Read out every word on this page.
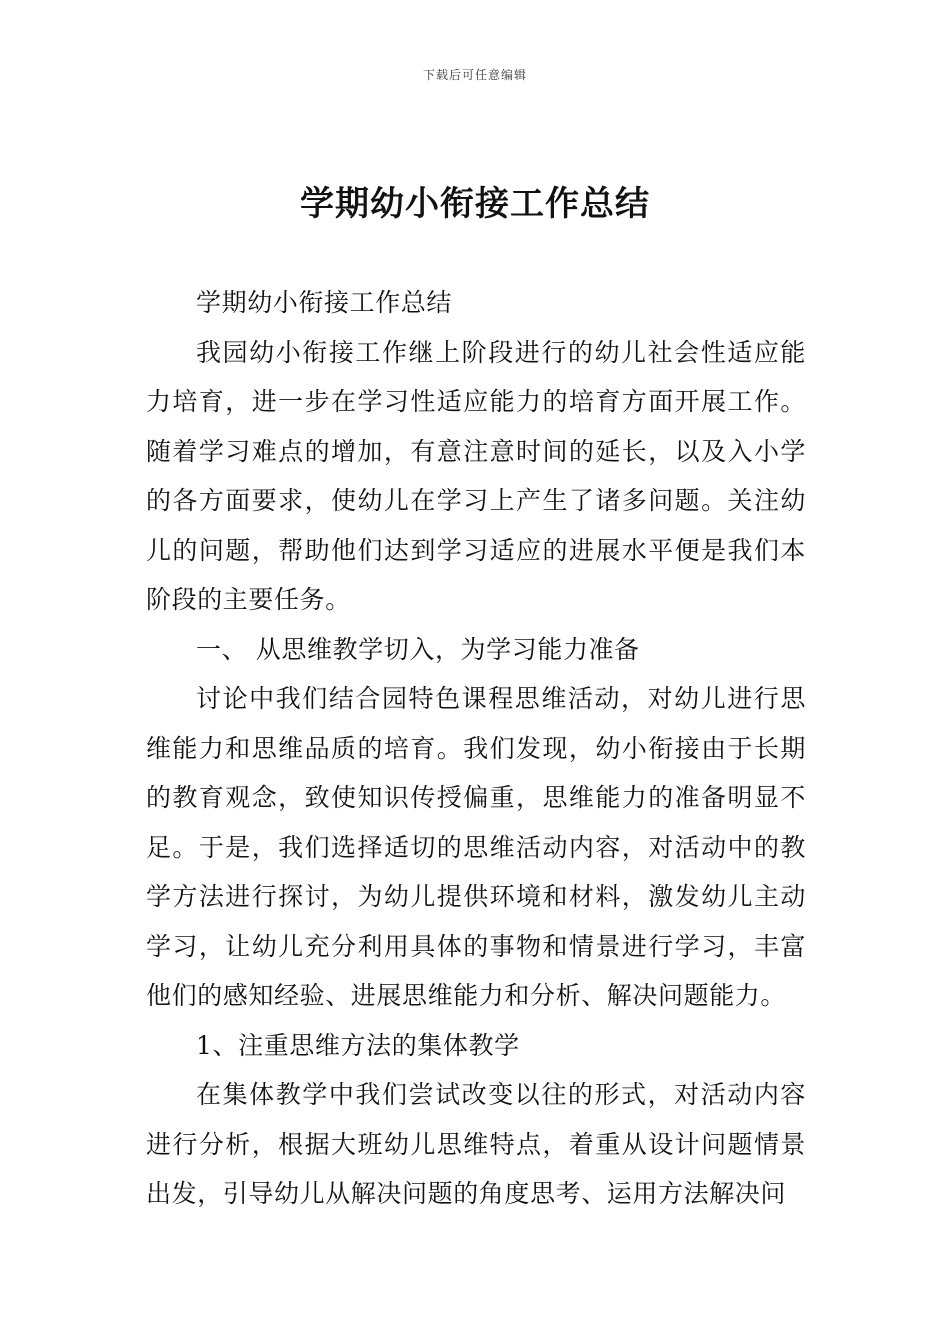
下载后可任意编辑
学期幼小衔接工作总结

学期幼小衔接工作总结

我园幼小衔接工作继上阶段进行的幼儿社会性适应能力培育，进一步在学习性适应能力的培育方面开展工作。随着学习难点的增加，有意注意时间的延长，以及入小学的各方面要求，使幼儿在学习上产生了诸多问题。关注幼儿的问题，帮助他们达到学习适应的进展水平便是我们本阶段的主要任务。

一、 从思维教学切入，为学习能力准备

讨论中我们结合园特色课程思维活动，对幼儿进行思维能力和思维品质的培育。我们发现，幼小衔接由于长期的教育观念，致使知识传授偏重，思维能力的准备明显不足。于是，我们选择适切的思维活动内容，对活动中的教学方法进行探讨，为幼儿提供环境和材料，激发幼儿主动学习，让幼儿充分利用具体的事物和情景进行学习，丰富他们的感知经验、进展思维能力和分析、解决问题能力。

1、注重思维方法的集体教学

在集体教学中我们尝试改变以往的形式，对活动内容进行分析，根据大班幼儿思维特点，着重从设计问题情景出发，引导幼儿从解决问题的角度思考、运用方法解决问
